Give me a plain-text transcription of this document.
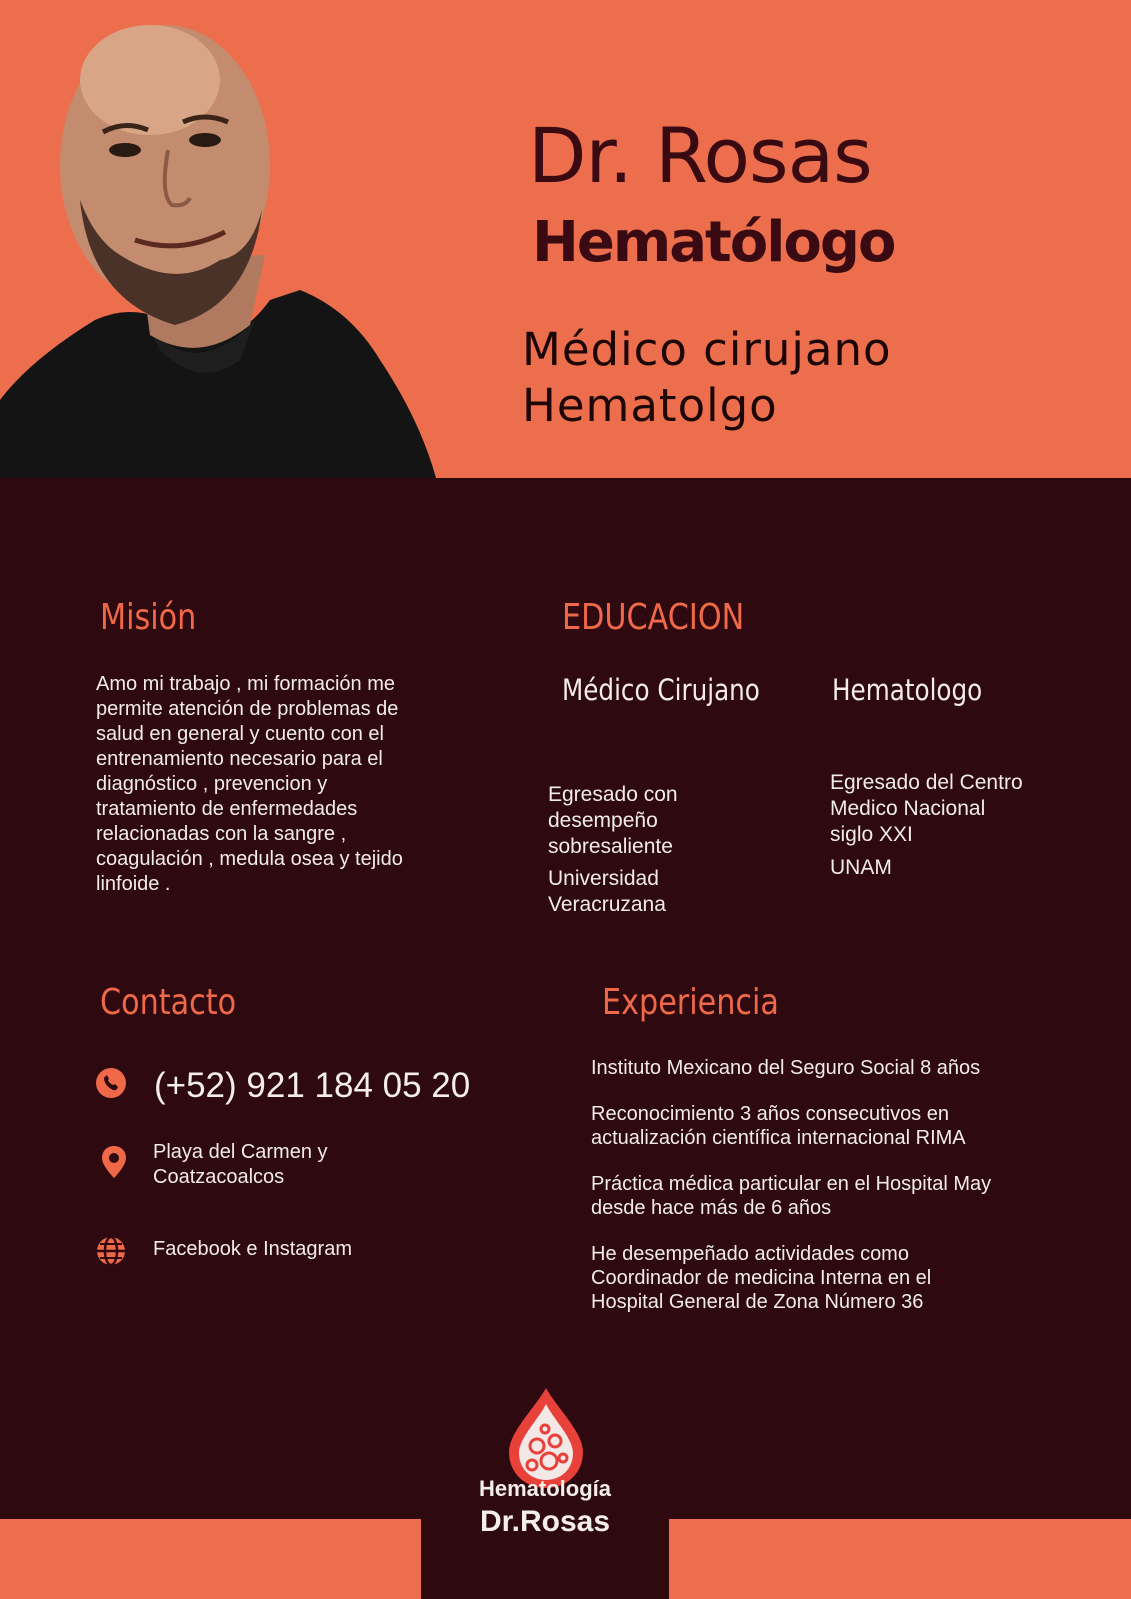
Dr. Rosas
Hematólogo
Médico cirujano
Hematolgo
Misión
Amo mi trabajo , mi formación me
permite atención de problemas de
salud en general y cuento con el
entrenamiento necesario para el
diagnóstico , prevencion y
tratamiento de enfermedades
relacionadas con la sangre ,
coagulación , medula osea y tejido
linfoide .
EDUCACION
Médico Cirujano Hematologo
Egresado con
desempeño
sobresaliente
Universidad
Veracruzana
Egresado del Centro
Medico Nacional
siglo XXI
UNAM
Contacto
(+52) 921 184 05 20
Playa del Carmen y
Coatzacoalcos
Facebook e Instagram
Experiencia
Instituto Mexicano del Seguro Social 8 años
Reconocimiento 3 años consecutivos en
actualización científica internacional RIMA
Práctica médica particular en el Hospital May
desde hace más de 6 años
He desempeñado actividades como
Coordinador de medicina Interna en el
Hospital General de Zona Número 36
Hematología
Dr.Rosas
